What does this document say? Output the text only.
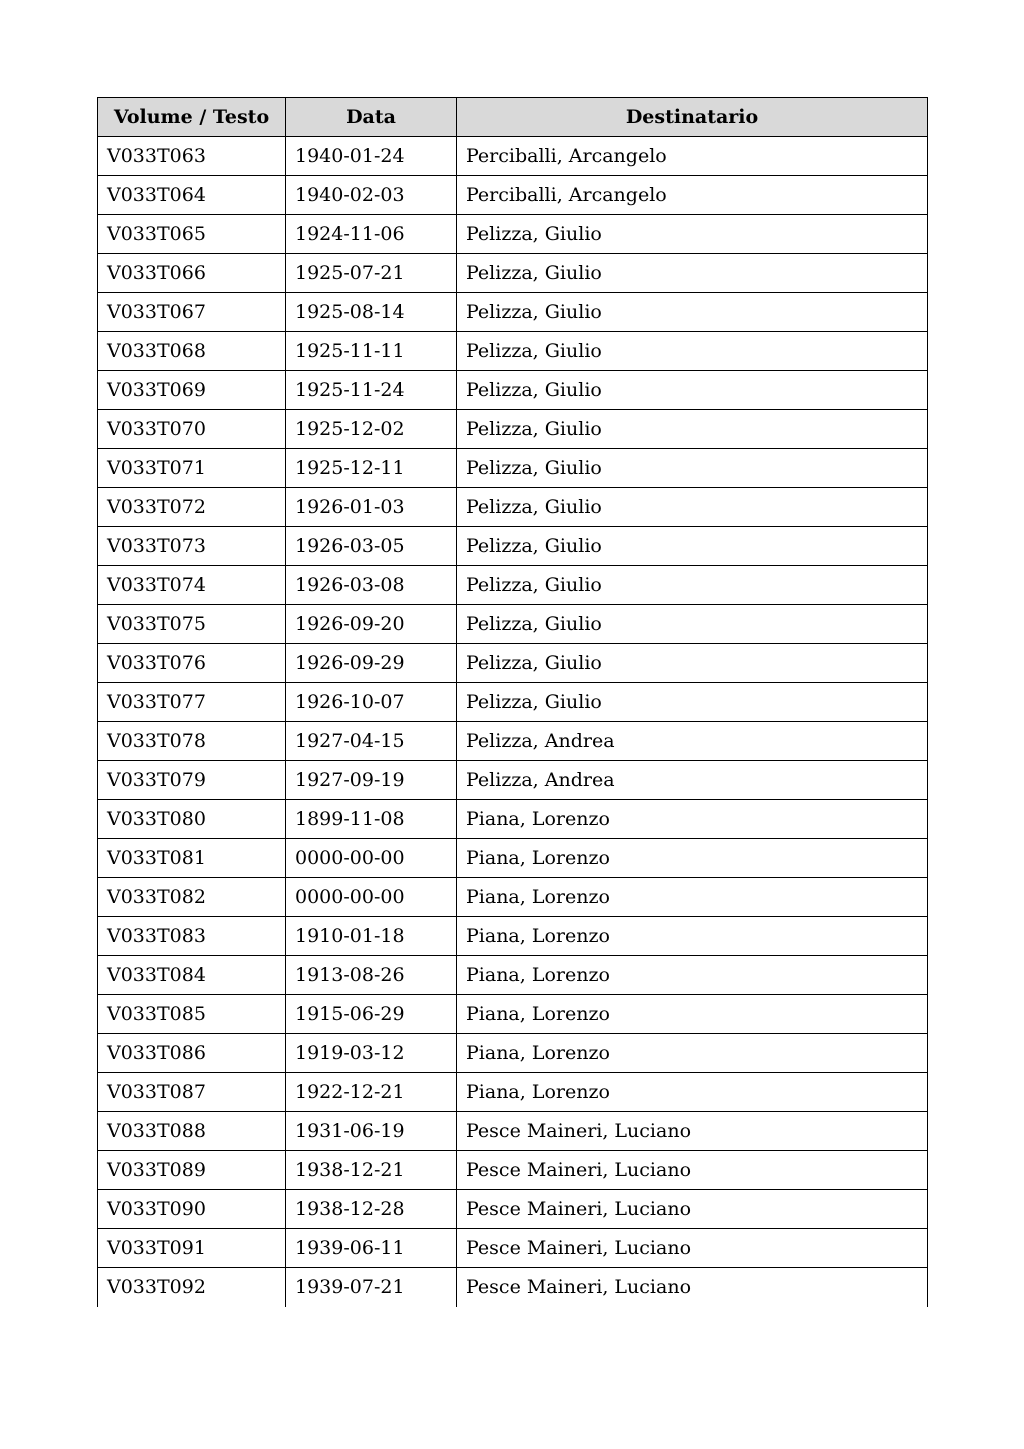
Volume / Testo	Data	Destinatario
V033T063	1940-01-24	Perciballi, Arcangelo
V033T064	1940-02-03	Perciballi, Arcangelo
V033T065	1924-11-06	Pelizza, Giulio
V033T066	1925-07-21	Pelizza, Giulio
V033T067	1925-08-14	Pelizza, Giulio
V033T068	1925-11-11	Pelizza, Giulio
V033T069	1925-11-24	Pelizza, Giulio
V033T070	1925-12-02	Pelizza, Giulio
V033T071	1925-12-11	Pelizza, Giulio
V033T072	1926-01-03	Pelizza, Giulio
V033T073	1926-03-05	Pelizza, Giulio
V033T074	1926-03-08	Pelizza, Giulio
V033T075	1926-09-20	Pelizza, Giulio
V033T076	1926-09-29	Pelizza, Giulio
V033T077	1926-10-07	Pelizza, Giulio
V033T078	1927-04-15	Pelizza, Andrea
V033T079	1927-09-19	Pelizza, Andrea
V033T080	1899-11-08	Piana, Lorenzo
V033T081	0000-00-00	Piana, Lorenzo
V033T082	0000-00-00	Piana, Lorenzo
V033T083	1910-01-18	Piana, Lorenzo
V033T084	1913-08-26	Piana, Lorenzo
V033T085	1915-06-29	Piana, Lorenzo
V033T086	1919-03-12	Piana, Lorenzo
V033T087	1922-12-21	Piana, Lorenzo
V033T088	1931-06-19	Pesce Maineri, Luciano
V033T089	1938-12-21	Pesce Maineri, Luciano
V033T090	1938-12-28	Pesce Maineri, Luciano
V033T091	1939-06-11	Pesce Maineri, Luciano
V033T092	1939-07-21	Pesce Maineri, Luciano
